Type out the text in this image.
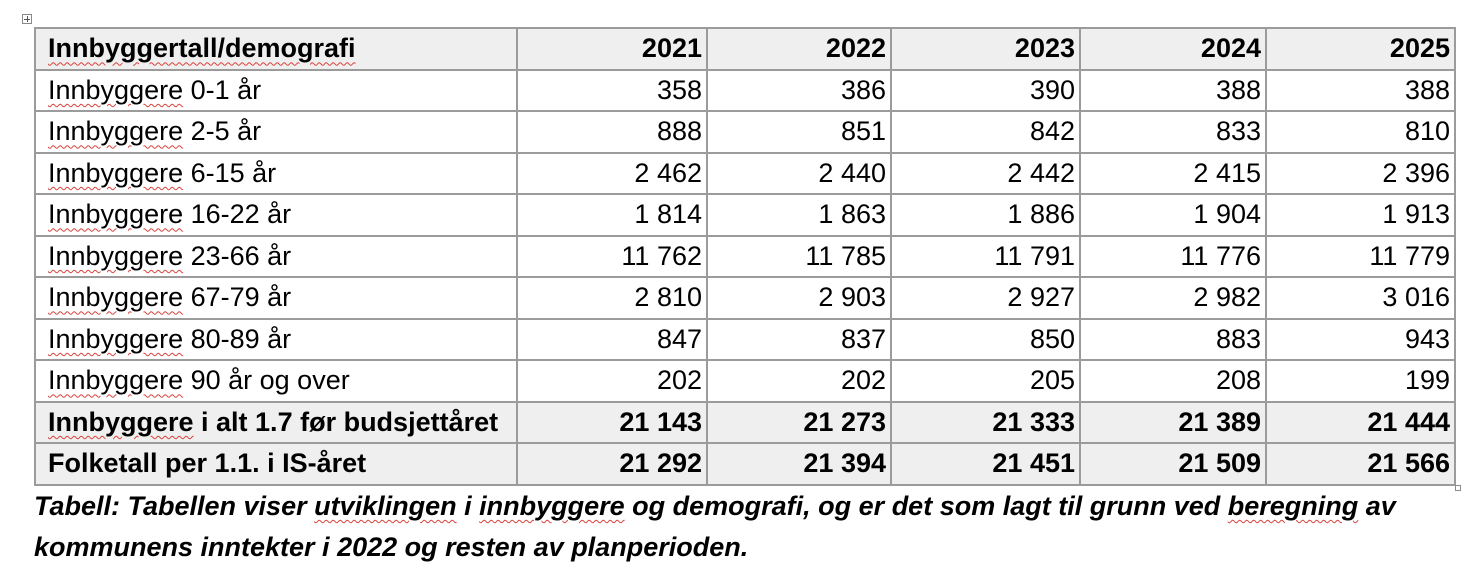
Innbyggertall/demografi	2021	2022	2023	2024	2025
Innbyggere 0-1 år	358	386	390	388	388
Innbyggere 2-5 år	888	851	842	833	810
Innbyggere 6-15 år	2 462	2 440	2 442	2 415	2 396
Innbyggere 16-22 år	1 814	1 863	1 886	1 904	1 913
Innbyggere 23-66 år	11 762	11 785	11 791	11 776	11 779
Innbyggere 67-79 år	2 810	2 903	2 927	2 982	3 016
Innbyggere 80-89 år	847	837	850	883	943
Innbyggere 90 år og over	202	202	205	208	199
Innbyggere i alt 1.7 før budsjettåret	21 143	21 273	21 333	21 389	21 444
Folketall per 1.1. i IS-året	21 292	21 394	21 451	21 509	21 566
Tabell: Tabellen viser utviklingen i innbyggere og demografi, og er det som lagt til grunn ved beregning av
kommunens inntekter i 2022 og resten av planperioden.
